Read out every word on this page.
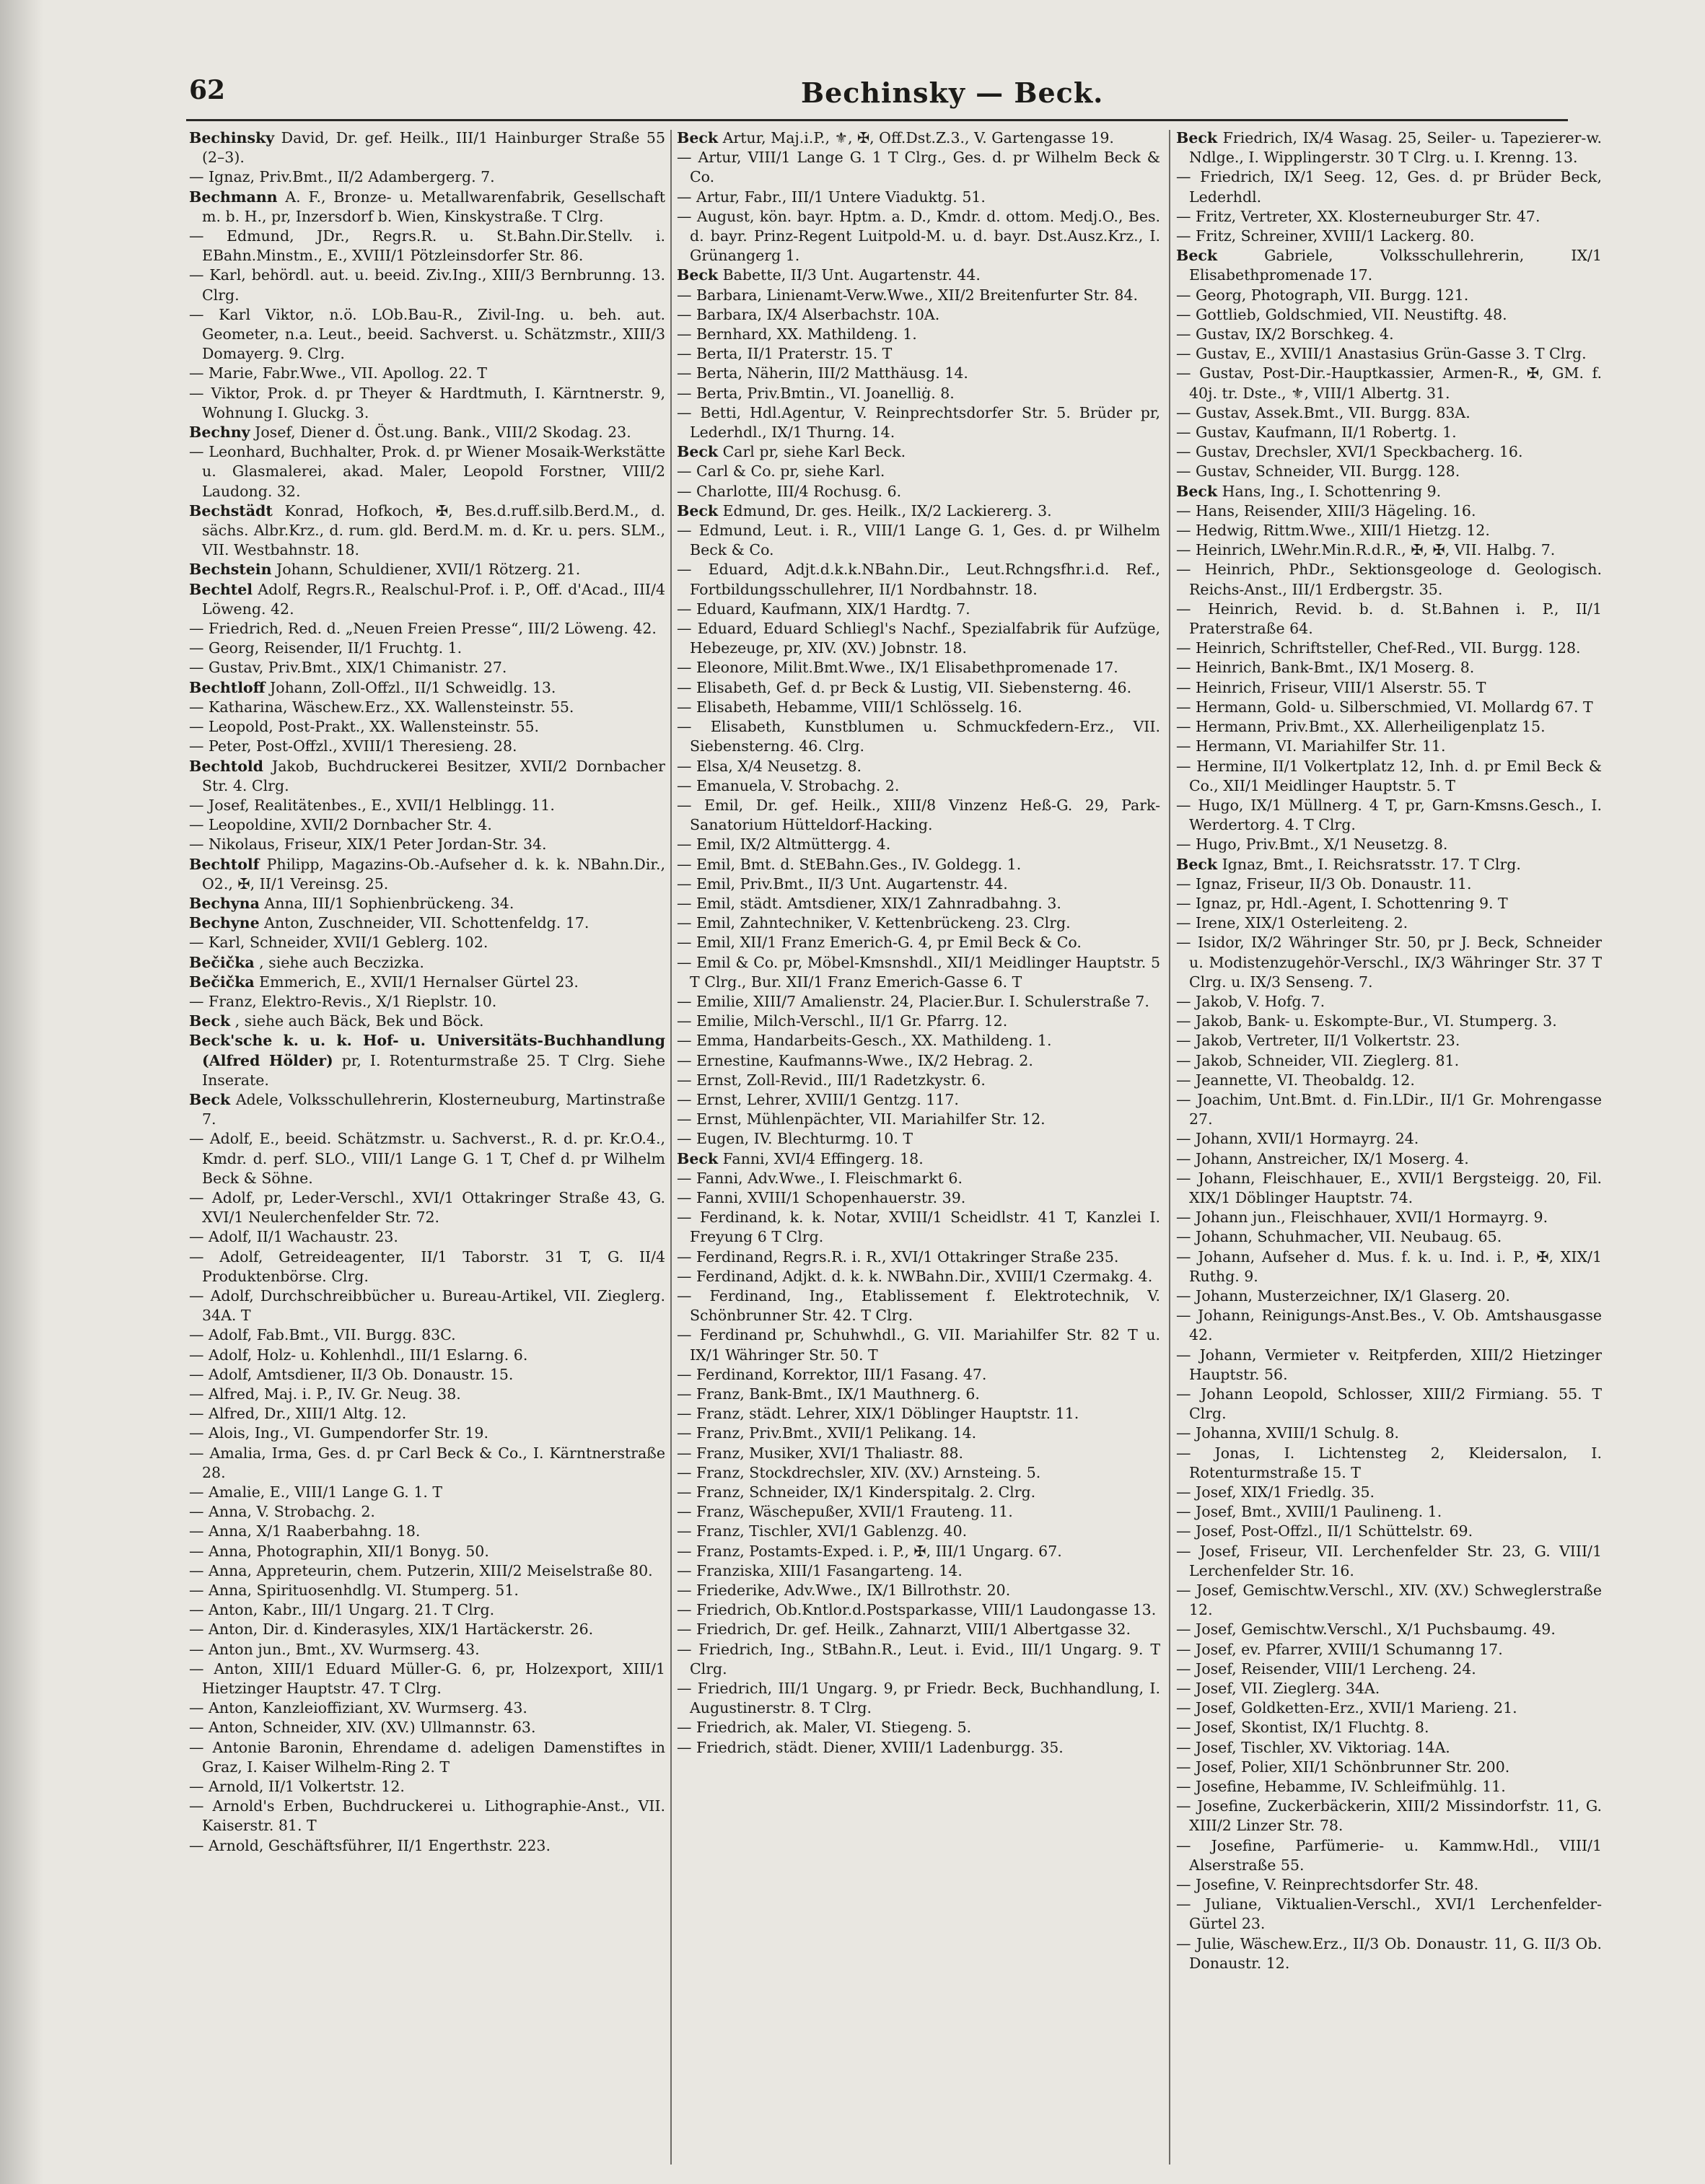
62	Bechinsky — Beck.

Bechinsky David, Dr. gef. Heilk., III/1 Hainburger Straße 55 (2–3).

— Ignaz, Priv.Bmt., II/2 Adambergerg. 7.

Bechmann A. F., Bronze- u. Metallwarenfabrik, Gesellschaft m. b. H., pr, Inzersdorf b. Wien, Kinskystraße. T Clrg.

— Edmund, JDr., Regrs.R. u. St.Bahn.Dir.Stellv. i. EBahn.Minstm., E., XVIII/1 Pötzleinsdorfer Str. 86.

— Karl, behördl. aut. u. beeid. Ziv.Ing., XIII/3 Bernbrunng. 13. Clrg.

— Karl Viktor, n.ö. LOb.Bau-R., Zivil-Ing. u. beh. aut. Geometer, n.a. Leut., beeid. Sachverst. u. Schätzmstr., XIII/3 Domayerg. 9. Clrg.

— Marie, Fabr.Wwe., VII. Apollog. 22. T

— Viktor, Prok. d. pr Theyer & Hardtmuth, I. Kärntnerstr. 9, Wohnung I. Gluckg. 3.

Bechny Josef, Diener d. Öst.ung. Bank., VIII/2 Skodag. 23.

— Leonhard, Buchhalter, Prok. d. pr Wiener Mosaik-Werkstätte u. Glasmalerei, akad. Maler, Leopold Forstner, VIII/2 Laudong. 32.

Bechstädt Konrad, Hofkoch, ✠, Bes.d.ruff.silb.Berd.M., d. sächs. Albr.Krz., d. rum. gld. Berd.M. m. d. Kr. u. pers. SLM., VII. Westbahnstr. 18.

Bechstein Johann, Schuldiener, XVII/1 Rötzerg. 21.

Bechtel Adolf, Regrs.R., Realschul-Prof. i. P., Off. d'Acad., III/4 Löweng. 42.

— Friedrich, Red. d. „Neuen Freien Presse“, III/2 Löweng. 42.

— Georg, Reisender, II/1 Fruchtg. 1.

— Gustav, Priv.Bmt., XIX/1 Chimanistr. 27.

Bechtloff Johann, Zoll-Offzl., II/1 Schweidlg. 13.

— Katharina, Wäschew.Erz., XX. Wallensteinstr. 55.

— Leopold, Post-Prakt., XX. Wallensteinstr. 55.

— Peter, Post-Offzl., XVIII/1 Theresieng. 28.

Bechtold Jakob, Buchdruckerei Besitzer, XVII/2 Dornbacher Str. 4. Clrg.

— Josef, Realitätenbes., E., XVII/1 Helblingg. 11.

— Leopoldine, XVII/2 Dornbacher Str. 4.

— Nikolaus, Friseur, XIX/1 Peter Jordan-Str. 34.

Bechtolf Philipp, Magazins-Ob.-Aufseher d. k. k. NBahn.Dir., O2., ✠, II/1 Vereinsg. 25.

Bechyna Anna, III/1 Sophienbrückeng. 34.

Bechyne Anton, Zuschneider, VII. Schottenfeldg. 17.

— Karl, Schneider, XVII/1 Geblerg. 102.

Bečička , siehe auch Beczizka.

Bečička Emmerich, E., XVII/1 Hernalser Gürtel 23.

— Franz, Elektro-Revis., X/1 Rieplstr. 10.

Beck , siehe auch Bäck, Bek und Böck.

Beck'sche k. u. k. Hof- u. Universitäts-Buchhandlung (Alfred Hölder) pr, I. Rotenturmstraße 25. T Clrg. Siehe Inserate.

Beck Adele, Volksschullehrerin, Klosterneuburg, Martinstraße 7.

— Adolf, E., beeid. Schätzmstr. u. Sachverst., R. d. pr. Kr.O.4., Kmdr. d. perf. SLO., VIII/1 Lange G. 1 T, Chef d. pr Wilhelm Beck & Söhne.

— Adolf, pr, Leder-Verschl., XVI/1 Ottakringer Straße 43, G. XVI/1 Neulerchenfelder Str. 72.

— Adolf, II/1 Wachaustr. 23.

— Adolf, Getreideagenter, II/1 Taborstr. 31 T, G. II/4 Produktenbörse. Clrg.

— Adolf, Durchschreibbücher u. Bureau-Artikel, VII. Zieglerg. 34A. T

— Adolf, Fab.Bmt., VII. Burgg. 83C.

— Adolf, Holz- u. Kohlenhdl., III/1 Eslarng. 6.

— Adolf, Amtsdiener, II/3 Ob. Donaustr. 15.

— Alfred, Maj. i. P., IV. Gr. Neug. 38.

— Alfred, Dr., XIII/1 Altg. 12.

— Alois, Ing., VI. Gumpendorfer Str. 19.

— Amalia, Irma, Ges. d. pr Carl Beck & Co., I. Kärntnerstraße 28.

— Amalie, E., VIII/1 Lange G. 1. T

— Anna, V. Strobachg. 2.

— Anna, X/1 Raaberbahng. 18.

— Anna, Photographin, XII/1 Bonyg. 50.

— Anna, Appreteurin, chem. Putzerin, XIII/2 Meiselstraße 80.

— Anna, Spirituosenhdlg. VI. Stumperg. 51.

— Anton, Kabr., III/1 Ungarg. 21. T Clrg.

— Anton, Dir. d. Kinderasyles, XIX/1 Hartäckerstr. 26.

— Anton jun., Bmt., XV. Wurmserg. 43.

— Anton, XIII/1 Eduard Müller-G. 6, pr, Holzexport, XIII/1 Hietzinger Hauptstr. 47. T Clrg.

— Anton, Kanzleioffiziant, XV. Wurmserg. 43.

— Anton, Schneider, XIV. (XV.) Ullmannstr. 63.

— Antonie Baronin, Ehrendame d. adeligen Damenstiftes in Graz, I. Kaiser Wilhelm-Ring 2. T

— Arnold, II/1 Volkertstr. 12.

— Arnold's Erben, Buchdruckerei u. Lithographie-Anst., VII. Kaiserstr. 81. T

— Arnold, Geschäftsführer, II/1 Engerthstr. 223.

Beck Artur, Maj.i.P., ⚜, ✠, Off.Dst.Z.3., V. Gartengasse 19.

— Artur, VIII/1 Lange G. 1 T Clrg., Ges. d. pr Wilhelm Beck & Co.

— Artur, Fabr., III/1 Untere Viaduktg. 51.

— August, kön. bayr. Hptm. a. D., Kmdr. d. ottom. Medj.O., Bes. d. bayr. Prinz-Regent Luitpold-M. u. d. bayr. Dst.Ausz.Krz., I. Grünangerg 1.

Beck Babette, II/3 Unt. Augartenstr. 44.

— Barbara, Linienamt-Verw.Wwe., XII/2 Breitenfurter Str. 84.

— Barbara, IX/4 Alserbachstr. 10A.

— Bernhard, XX. Mathildeng. 1.

— Berta, II/1 Praterstr. 15. T

— Berta, Näherin, III/2 Matthäusg. 14.

— Berta, Priv.Bmtin., VI. Joanelliġ. 8.

— Betti, Hdl.Agentur, V. Reinprechtsdorfer Str. 5. Brüder pr, Lederhdl., IX/1 Thurng. 14.

Beck Carl pr, siehe Karl Beck.

— Carl & Co. pr, siehe Karl.

— Charlotte, III/4 Rochusg. 6.

Beck Edmund, Dr. ges. Heilk., IX/2 Lackiererg. 3.

— Edmund, Leut. i. R., VIII/1 Lange G. 1, Ges. d. pr Wilhelm Beck & Co.

— Eduard, Adjt.d.k.k.NBahn.Dir., Leut.Rchngsfhr.i.d. Ref., Fortbildungsschullehrer, II/1 Nordbahnstr. 18.

— Eduard, Kaufmann, XIX/1 Hardtg. 7.

— Eduard, Eduard Schliegl's Nachf., Spezialfabrik für Aufzüge, Hebezeuge, pr, XIV. (XV.) Jobnstr. 18.

— Eleonore, Milit.Bmt.Wwe., IX/1 Elisabethpromenade 17.

— Elisabeth, Gef. d. pr Beck & Lustig, VII. Siebensterng. 46.

— Elisabeth, Hebamme, VIII/1 Schlösselg. 16.

— Elisabeth, Kunstblumen u. Schmuckfedern-Erz., VII. Siebensterng. 46. Clrg.

— Elsa, X/4 Neusetzg. 8.

— Emanuela, V. Strobachg. 2.

— Emil, Dr. gef. Heilk., XIII/8 Vinzenz Heß-G. 29, Park-Sanatorium Hütteldorf-Hacking.

— Emil, IX/2 Altmüttergg. 4.

— Emil, Bmt. d. StEBahn.Ges., IV. Goldegg. 1.

— Emil, Priv.Bmt., II/3 Unt. Augartenstr. 44.

— Emil, städt. Amtsdiener, XIX/1 Zahnradbahng. 3.

— Emil, Zahntechniker, V. Kettenbrückeng. 23. Clrg.

— Emil, XII/1 Franz Emerich-G. 4, pr Emil Beck & Co.

— Emil & Co. pr, Möbel-Kmsnshdl., XII/1 Meidlinger Hauptstr. 5 T Clrg., Bur. XII/1 Franz Emerich-Gasse 6. T

— Emilie, XIII/7 Amalienstr. 24, Placier.Bur. I. Schulerstraße 7.

— Emilie, Milch-Verschl., II/1 Gr. Pfarrg. 12.

— Emma, Handarbeits-Gesch., XX. Mathildeng. 1.

— Ernestine, Kaufmanns-Wwe., IX/2 Hebrag. 2.

— Ernst, Zoll-Revid., III/1 Radetzkystr. 6.

— Ernst, Lehrer, XVIII/1 Gentzg. 117.

— Ernst, Mühlenpächter, VII. Mariahilfer Str. 12.

— Eugen, IV. Blechturmg. 10. T

Beck Fanni, XVI/4 Effingerg. 18.

— Fanni, Adv.Wwe., I. Fleischmarkt 6.

— Fanni, XVIII/1 Schopenhauerstr. 39.

— Ferdinand, k. k. Notar, XVIII/1 Scheidlstr. 41 T, Kanzlei I. Freyung 6 T Clrg.

— Ferdinand, Regrs.R. i. R., XVI/1 Ottakringer Straße 235.

— Ferdinand, Adjkt. d. k. k. NWBahn.Dir., XVIII/1 Czermakg. 4.

— Ferdinand, Ing., Etablissement f. Elektrotechnik, V. Schönbrunner Str. 42. T Clrg.

— Ferdinand pr, Schuhwhdl., G. VII. Mariahilfer Str. 82 T u. IX/1 Währinger Str. 50. T

— Ferdinand, Korrektor, III/1 Fasang. 47.

— Franz, Bank-Bmt., IX/1 Mauthnerg. 6.

— Franz, städt. Lehrer, XIX/1 Döblinger Hauptstr. 11.

— Franz, Priv.Bmt., XVII/1 Pelikang. 14.

— Franz, Musiker, XVI/1 Thaliastr. 88.

— Franz, Stockdrechsler, XIV. (XV.) Arnsteing. 5.

— Franz, Schneider, IX/1 Kinderspitalg. 2. Clrg.

— Franz, Wäschepußer, XVII/1 Frauteng. 11.

— Franz, Tischler, XVI/1 Gablenzg. 40.

— Franz, Postamts-Exped. i. P., ✠, III/1 Ungarg. 67.

— Franziska, XIII/1 Fasangarteng. 14.

— Friederike, Adv.Wwe., IX/1 Billrothstr. 20.

— Friedrich, Ob.Kntlor.d.Postsparkasse, VIII/1 Laudongasse 13.

— Friedrich, Dr. gef. Heilk., Zahnarzt, VIII/1 Albertgasse 32.

— Friedrich, Ing., StBahn.R., Leut. i. Evid., III/1 Ungarg. 9. T Clrg.

— Friedrich, III/1 Ungarg. 9, pr Friedr. Beck, Buchhandlung, I. Augustinerstr. 8. T Clrg.

— Friedrich, ak. Maler, VI. Stiegeng. 5.

— Friedrich, städt. Diener, XVIII/1 Ladenburgg. 35.

Beck Friedrich, IX/4 Wasag. 25, Seiler- u. Tapezierer-w. Ndlge., I. Wipplingerstr. 30 T Clrg. u. I. Krenng. 13.

— Friedrich, IX/1 Seeg. 12, Ges. d. pr Brüder Beck, Lederhdl.

— Fritz, Vertreter, XX. Klosterneuburger Str. 47.

— Fritz, Schreiner, XVIII/1 Lackerg. 80.

Beck	Gabriele, Volksschullehrerin, IX/1 Elisabethpromenade 17.

— Georg, Photograph, VII. Burgg. 121.

— Gottlieb, Goldschmied, VII. Neustiftg. 48.

— Gustav, IX/2 Borschkeg. 4.

— Gustav, E., XVIII/1 Anastasius Grün-Gasse 3. T Clrg.

— Gustav, Post-Dir.-Hauptkassier, Armen-R., ✠, GM. f. 40j. tr. Dste., ⚜, VIII/1 Albertg. 31.

— Gustav, Assek.Bmt., VII. Burgg. 83A.

— Gustav, Kaufmann, II/1 Robertg. 1.

— Gustav, Drechsler, XVI/1 Speckbacherg. 16.

— Gustav, Schneider, VII. Burgg. 128.

Beck Hans, Ing., I. Schottenring 9.

— Hans, Reisender, XIII/3 Hägeling. 16.

— Hedwig, Rittm.Wwe., XIII/1 Hietzg. 12.

— Heinrich, LWehr.Min.R.d.R., ✠, ✠, VII. Halbg. 7.

— Heinrich, PhDr., Sektionsgeologe d. Geologisch. Reichs-Anst., III/1 Erdbergstr. 35.

— Heinrich, Revid. b. d. St.Bahnen i. P., II/1 Praterstraße 64.

— Heinrich, Schriftsteller, Chef-Red., VII. Burgg. 128.

— Heinrich, Bank-Bmt., IX/1 Moserg. 8.

— Heinrich, Friseur, VIII/1 Alserstr. 55. T

— Hermann, Gold- u. Silberschmied, VI. Mollardg 67. T

— Hermann, Priv.Bmt., XX. Allerheiligenplatz 15.

— Hermann, VI. Mariahilfer Str. 11.

— Hermine, II/1 Volkertplatz 12, Inh. d. pr Emil Beck & Co., XII/1 Meidlinger Hauptstr. 5. T

— Hugo, IX/1 Müllnerg. 4 T, pr, Garn-Kmsns.Gesch., I. Werdertorg. 4. T Clrg.

— Hugo, Priv.Bmt., X/1 Neusetzg. 8.

Beck Ignaz, Bmt., I. Reichsratsstr. 17. T Clrg.

— Ignaz, Friseur, II/3 Ob. Donaustr. 11.

— Ignaz, pr, Hdl.-Agent, I. Schottenring 9. T

— Irene, XIX/1 Osterleiteng. 2.

— Isidor, IX/2 Währinger Str. 50, pr J. Beck, Schneider u. Modistenzugehör-Verschl., IX/3 Währinger Str. 37 T Clrg. u. IX/3 Senseng. 7.

— Jakob, V. Hofg. 7.

— Jakob, Bank- u. Eskompte-Bur., VI. Stumperg. 3.

— Jakob, Vertreter, II/1 Volkertstr. 23.

— Jakob, Schneider, VII. Zieglerg. 81.

— Jeannette, VI. Theobaldg. 12.

— Joachim, Unt.Bmt. d. Fin.LDir., II/1 Gr. Mohrengasse 27.

— Johann, XVII/1 Hormayrg. 24.

— Johann, Anstreicher, IX/1 Moserg. 4.

— Johann, Fleischhauer, E., XVII/1 Bergsteigg. 20, Fil. XIX/1 Döblinger Hauptstr. 74.

— Johann jun., Fleischhauer, XVII/1 Hormayrg. 9.

— Johann, Schuhmacher, VII. Neubaug. 65.

— Johann, Aufseher d. Mus. f. k. u. Ind. i. P., ✠, XIX/1 Ruthg. 9.

— Johann, Musterzeichner, IX/1 Glaserg. 20.

— Johann, Reinigungs-Anst.Bes., V. Ob. Amtshausgasse 42.

— Johann, Vermieter v. Reitpferden, XIII/2 Hietzinger Hauptstr. 56.

— Johann Leopold, Schlosser, XIII/2 Firmiang. 55. T Clrg.

— Johanna, XVIII/1 Schulg. 8.

— Jonas, I. Lichtensteg 2, Kleidersalon, I. Rotenturmstraße 15. T

— Josef, XIX/1 Friedlg. 35.

— Josef, Bmt., XVIII/1 Paulineng. 1.

— Josef, Post-Offzl., II/1 Schüttelstr. 69.

— Josef, Friseur, VII. Lerchenfelder Str. 23, G. VIII/1 Lerchenfelder Str. 16.

— Josef, Gemischtw.Verschl., XIV. (XV.) Schweglerstraße 12.

— Josef, Gemischtw.Verschl., X/1 Puchsbaumg. 49.

— Josef, ev. Pfarrer, XVIII/1 Schumanng 17.

— Josef, Reisender, VIII/1 Lercheng. 24.

— Josef, VII. Zieglerg. 34A.

— Josef, Goldketten-Erz., XVII/1 Marieng. 21.

— Josef, Skontist, IX/1 Fluchtg. 8.

— Josef, Tischler, XV. Viktoriag. 14A.

— Josef, Polier, XII/1 Schönbrunner Str. 200.

— Josefine, Hebamme, IV. Schleifmühlg. 11.

— Josefine, Zuckerbäckerin, XIII/2 Missindorfstr. 11, G. XIII/2 Linzer Str. 78.

— Josefine, Parfümerie- u. Kammw.Hdl., VIII/1 Alserstraße 55.

— Josefine, V. Reinprechtsdorfer Str. 48.

— Juliane, Viktualien-Verschl., XVI/1 Lerchenfelder-Gürtel 23.

— Julie, Wäschew.Erz., II/3 Ob. Donaustr. 11, G. II/3 Ob. Donaustr. 12.
